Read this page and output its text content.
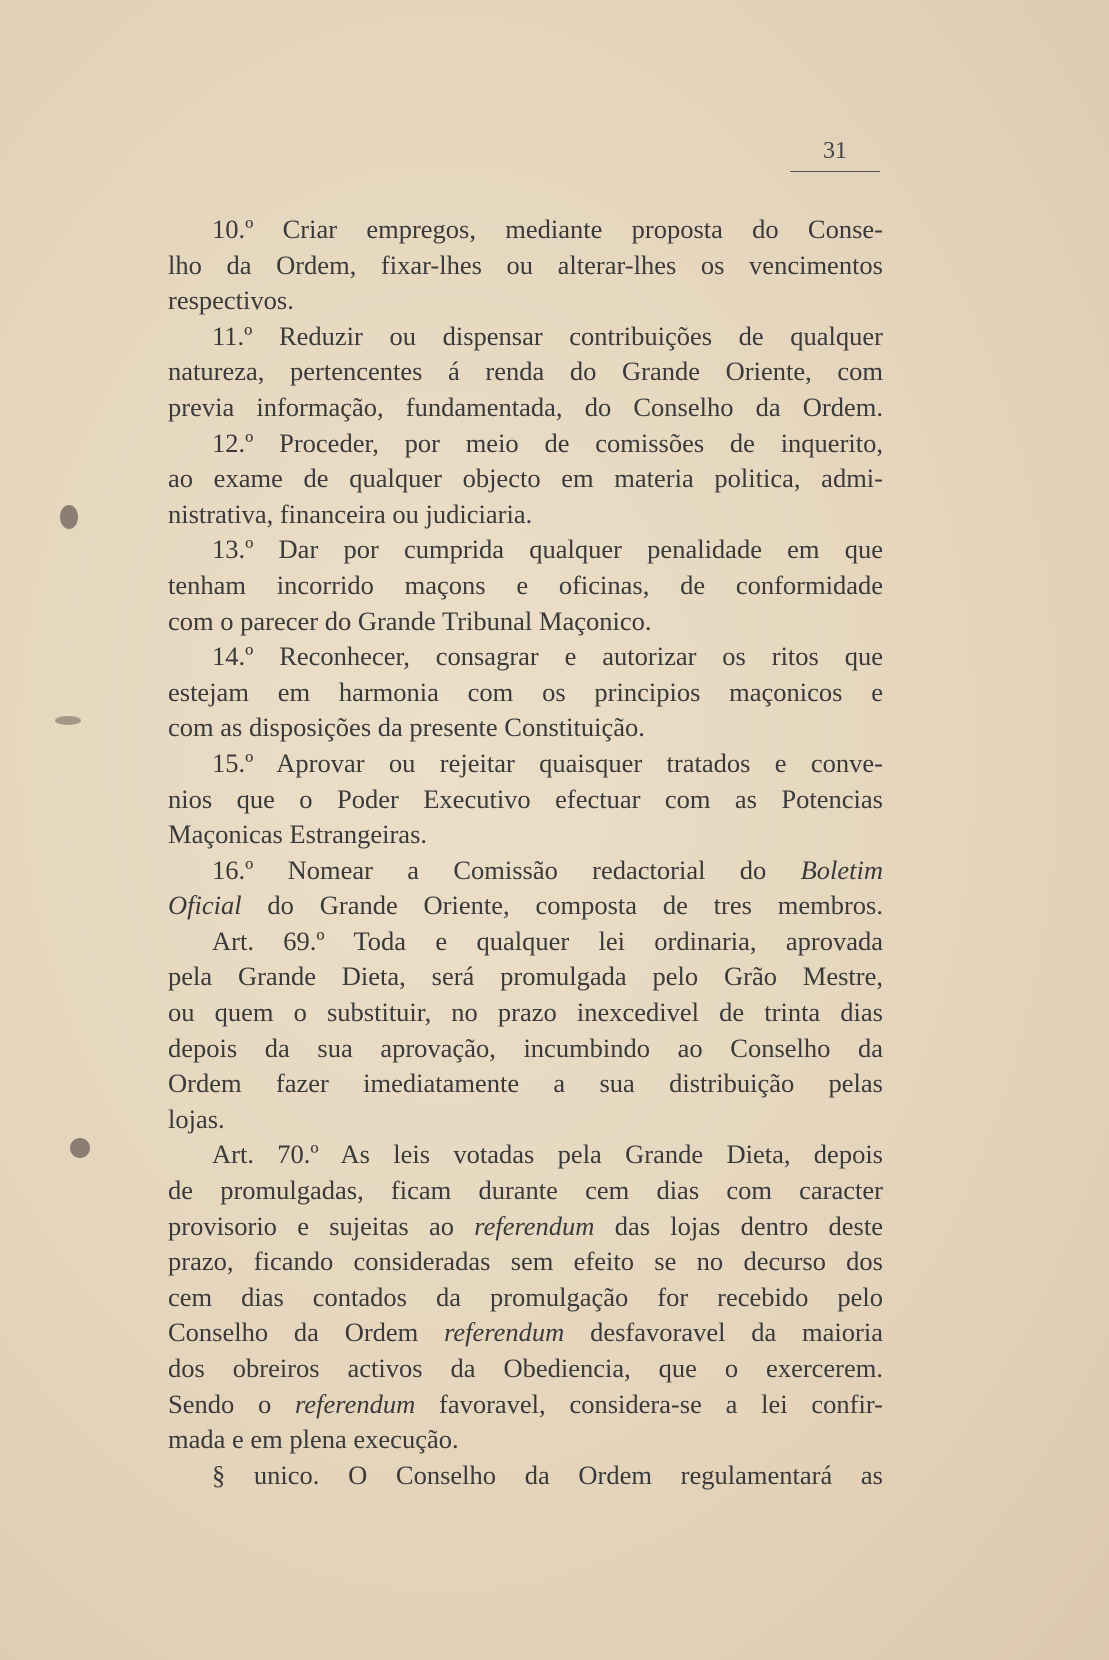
31
10.º Criar empregos, mediante proposta do Conse-
lho da Ordem, fixar-lhes ou alterar-lhes os vencimentos
respectivos.
11.º Reduzir ou dispensar contribuições de qualquer
natureza, pertencentes á renda do Grande Oriente, com
previa informação, fundamentada, do Conselho da Ordem.
12.º Proceder, por meio de comissões de inquerito,
ao exame de qualquer objecto em materia politica, admi-
nistrativa, financeira ou judiciaria.
13.º Dar por cumprida qualquer penalidade em que
tenham incorrido maçons e oficinas, de conformidade
com o parecer do Grande Tribunal Maçonico.
14.º Reconhecer, consagrar e autorizar os ritos que
estejam em harmonia com os principios maçonicos e
com as disposições da presente Constituição.
15.º Aprovar ou rejeitar quaisquer tratados e conve-
nios que o Poder Executivo efectuar com as Potencias
Maçonicas Estrangeiras.
16.º Nomear a Comissão redactorial do Boletim
Oficial do Grande Oriente, composta de tres membros.
Art. 69.º Toda e qualquer lei ordinaria, aprovada
pela Grande Dieta, será promulgada pelo Grão Mestre,
ou quem o substituir, no prazo inexcedivel de trinta dias
depois da sua aprovação, incumbindo ao Conselho da
Ordem fazer imediatamente a sua distribuição pelas
lojas.
Art. 70.º As leis votadas pela Grande Dieta, depois
de promulgadas, ficam durante cem dias com caracter
provisorio e sujeitas ao referendum das lojas dentro deste
prazo, ficando consideradas sem efeito se no decurso dos
cem dias contados da promulgação for recebido pelo
Conselho da Ordem referendum desfavoravel da maioria
dos obreiros activos da Obediencia, que o exercerem.
Sendo o referendum favoravel, considera-se a lei confir-
mada e em plena execução.
§ unico. O Conselho da Ordem regulamentará as
